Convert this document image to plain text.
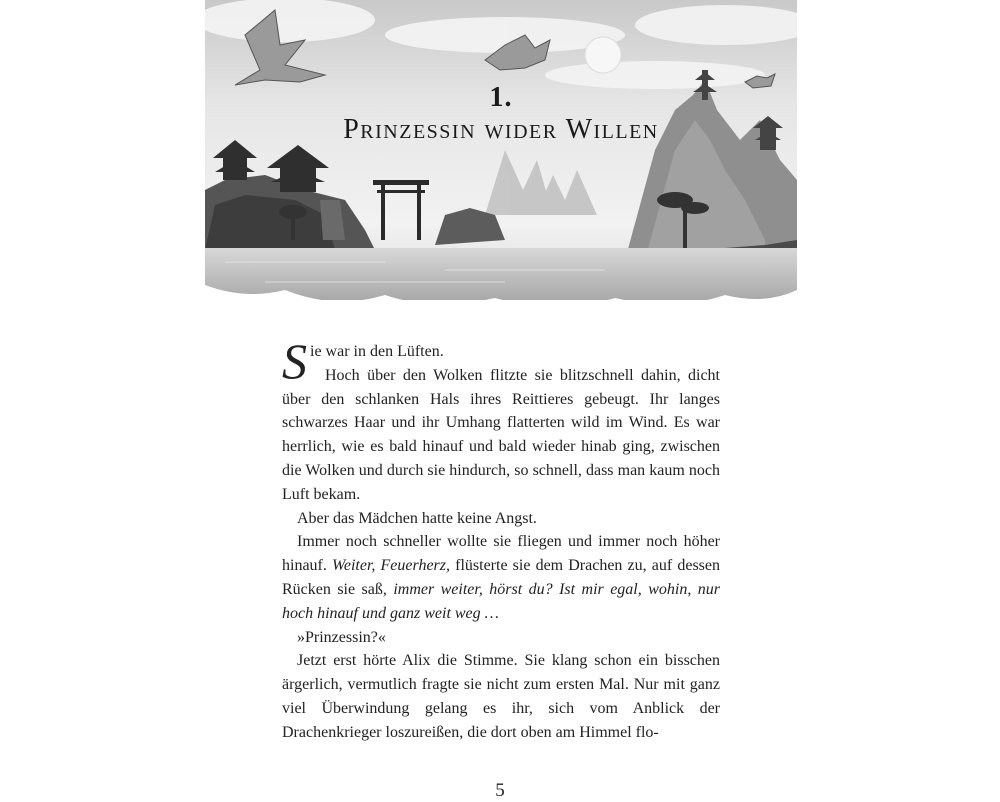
1.
Prinzessin wider Willen

Sie war in den Lüften.

Hoch über den Wolken flitzte sie blitzschnell dahin, dicht über den schlanken Hals ihres Reittieres gebeugt. Ihr langes schwarzes Haar und ihr Umhang flatterten wild im Wind. Es war herrlich, wie es bald hinauf und bald wieder hinab ging, zwischen die Wolken und durch sie hindurch, so schnell, dass man kaum noch Luft bekam.

Aber das Mädchen hatte keine Angst.

Immer noch schneller wollte sie fliegen und immer noch höher hinauf. Weiter, Feuerherz, flüsterte sie dem Drachen zu, auf dessen Rücken sie saß, immer weiter, hörst du? Ist mir egal, wohin, nur hoch hinauf und ganz weit weg …

»Prinzessin?«

Jetzt erst hörte Alix die Stimme. Sie klang schon ein bisschen ärgerlich, vermutlich fragte sie nicht zum ersten Mal. Nur mit ganz viel Überwindung gelang es ihr, sich vom Anblick der Drachenkrieger loszureißen, die dort oben am Himmel flo-

5
